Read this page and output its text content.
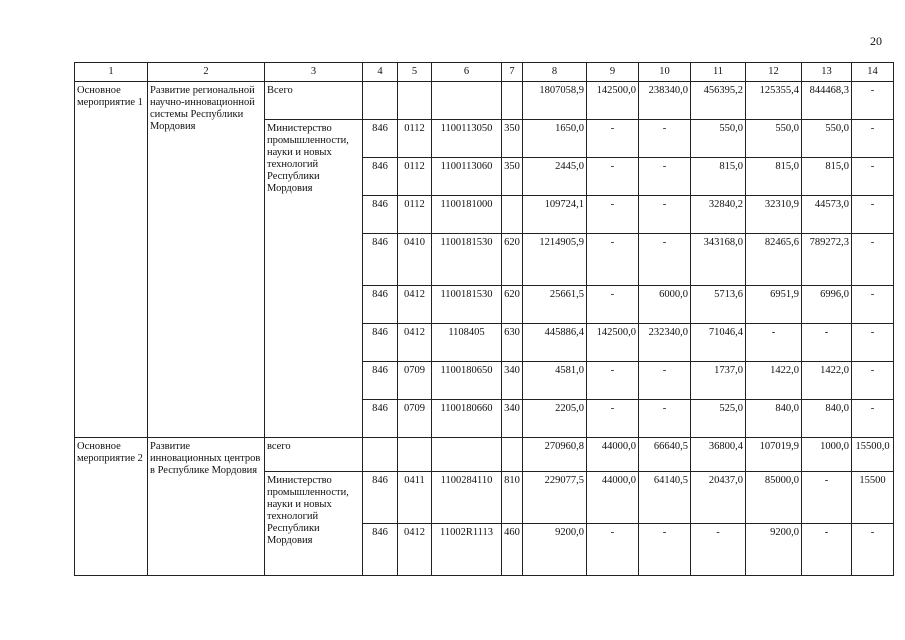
20
1	2	3	4	5	6	7	8	9	10	11	12	13	14
Основное мероприятие 1	Развитие региональной научно-инновационной системы Республики Мордовия	Всего					1807058,9	142500,0	238340,0	456395,2	125355,4	844468,3	-
		Министерство промышленности, науки и новых технологий Республики Мордовия	846	0112	1100113050	350	1650,0	-	-	550,0	550,0	550,0	-
			846	0112	1100113060	350	2445,0	-	-	815,0	815,0	815,0	-
			846	0112	1100181000		109724,1	-	-	32840,2	32310,9	44573,0	-
			846	0410	1100181530	620	1214905,9	-	-	343168,0	82465,6	789272,3	-
			846	0412	1100181530	620	25661,5	-	6000,0	5713,6	6951,9	6996,0	-
			846	0412	1108405	630	445886,4	142500,0	232340,0	71046,4	-	-	-
			846	0709	1100180650	340	4581,0	-	-	1737,0	1422,0	1422,0	-
			846	0709	1100180660	340	2205,0	-	-	525,0	840,0	840,0	-
Основное мероприятие 2	Развитие инновационных центров в Республике Мордовия	всего					270960,8	44000,0	66640,5	36800,4	107019,9	1000,0	15500,0
		Министерство промышленности, науки и новых технологий Республики Мордовия	846	0411	1100284110	810	229077,5	44000,0	64140,5	20437,0	85000,0	-	15500
			846	0412	11002R1113	460	9200,0	-	-	-	9200,0	-	-
